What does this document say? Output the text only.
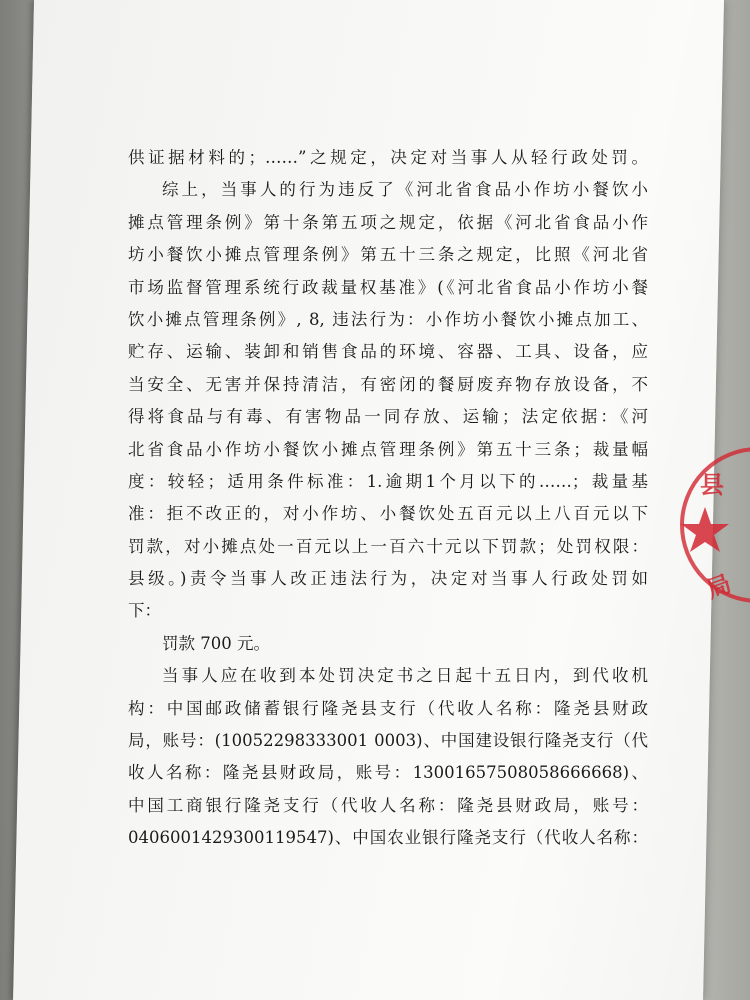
供证据材料的；……”之规定，决定对当事人从轻行政处罚。
综上，当事人的行为违反了《河北省食品小作坊小餐饮小
摊点管理条例》第十条第五项之规定，依据《河北省食品小作
坊小餐饮小摊点管理条例》第五十三条之规定，比照《河北省
市场监督管理系统行政裁量权基准》(《河北省食品小作坊小餐
饮小摊点管理条例》, 8, 违法行为：小作坊小餐饮小摊点加工、
贮存、运输、装卸和销售食品的环境、容器、工具、设备，应
当安全、无害并保持清洁，有密闭的餐厨废弃物存放设备，不
得将食品与有毒、有害物品一同存放、运输；法定依据：《河
北省食品小作坊小餐饮小摊点管理条例》第五十三条；裁量幅
度：较轻；适用条件标准：1.逾期1个月以下的……；裁量基
准：拒不改正的，对小作坊、小餐饮处五百元以上八百元以下
罚款，对小摊点处一百元以上一百六十元以下罚款；处罚权限：
县级。)责令当事人改正违法行为，决定对当事人行政处罚如
下：
罚款 700 元。
当事人应在收到本处罚决定书之日起十五日内，到代收机
构：中国邮政储蓄银行隆尧县支行（代收人名称：隆尧县财政
局，账号：(10052298333001 0003)、中国建设银行隆尧支行（代
收人名称：隆尧县财政局，账号：13001657508058666668)、
中国工商银行隆尧支行（代收人名称：隆尧县财政局，账号：
0406001429300119547)、中国农业银行隆尧支行（代收人名称：
县
局
